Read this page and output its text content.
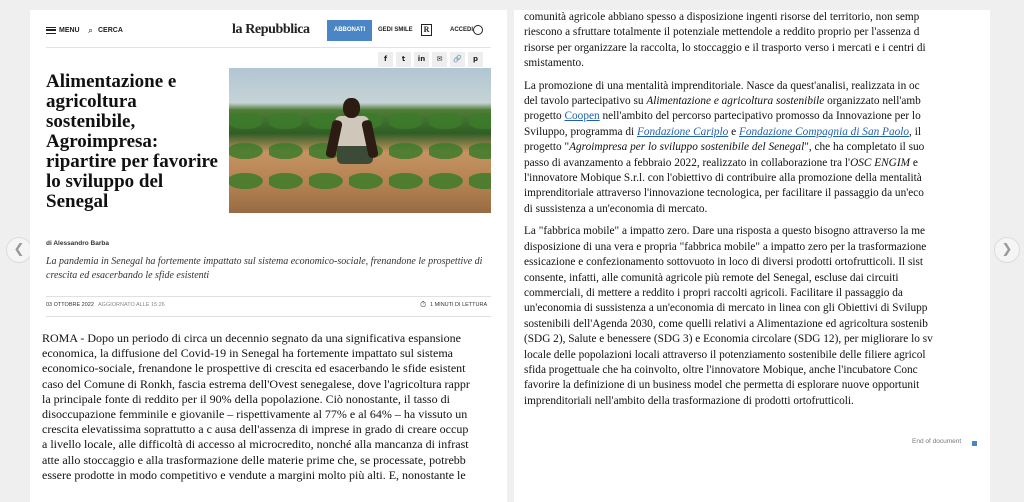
❮
MENU ⌕ CERCA	la Repubblica	ABBONATI	GEDI SMILE	R	ACCEDI
f	t	in	✉	🔗	p
Alimentazione e agricoltura sostenibile, Agroimpresa: ripartire per favorire lo sviluppo del Senegal
di Alessandro Barba

La pandemia in Senegal ha fortemente impattato sul sistema economico-sociale, frenandone le prospettive di crescita ed esacerbando le sfide esistenti

03 OTTOBRE 2022 AGGIORNATO ALLE 15:26	⏱ 1 MINUTI DI LETTURA
ROMA - Dopo un periodo di circa un decennio segnato da una significativa espansione
economica, la diffusione del Covid-19 in Senegal ha fortemente impattato sul sistema
economico-sociale, frenandone le prospettive di crescita ed esacerbando le sfide esistent
caso del Comune di Ronkh, fascia estrema dell'Ovest senegalese, dove l'agricoltura rappr
la principale fonte di reddito per il 90% della popolazione. Ciò nonostante, il tasso di
disoccupazione femminile e giovanile – rispettivamente al 77% e al 64% – ha vissuto un
crescita elevatissima soprattutto a c ausa dell'assenza di imprese in grado di creare occup
a livello locale, alle difficoltà di accesso al microcredito, nonché alla mancanza di infrast
atte allo stoccaggio e alla trasformazione delle materie prime che, se processate, potrebb
essere prodotte in modo competitivo e vendute a margini molto più alti. E, nonostante le
comunità agricole abbiano spesso a disposizione ingenti risorse del territorio, non semp
riescono a sfruttare totalmente il potenziale mettendole a reddito proprio per l'assenza d
risorse per organizzare la raccolta, lo stoccaggio e il trasporto verso i mercati e i centri di
smistamento.
La promozione di una mentalità imprenditoriale. Nasce da quest'analisi, realizzata in oc
del tavolo partecipativo su Alimentazione e agricoltura sostenibile organizzato nell'amb
progetto Coopen nell'ambito del percorso partecipativo promosso da Innovazione per lo
Sviluppo, programma di Fondazione Cariplo e Fondazione Compagnia di San Paolo, il
progetto "Agroimpresa per lo sviluppo sostenibile del Senegal", che ha completato il suo
passo di avanzamento a febbraio 2022, realizzato in collaborazione tra l'OSC ENGIM e
l'innovatore Mobique S.r.l. con l'obiettivo di contribuire alla promozione della mentalità
imprenditoriale attraverso l'innovazione tecnologica, per facilitare il passaggio da un'eco
di sussistenza a un'economia di mercato.
La "fabbrica mobile" a impatto zero. Dare una risposta a questo bisogno attraverso la me
disposizione di una vera e propria "fabbrica mobile" a impatto zero per la trasformazione
essicazione e confezionamento sottovuoto in loco di diversi prodotti ortofrutticoli. Il sist
consente, infatti, alle comunità agricole più remote del Senegal, escluse dai circuiti
commerciali, di mettere a reddito i propri raccolti agricoli. Facilitare il passaggio da
un'economia di sussistenza a un'economia di mercato in linea con gli Obiettivi di Svilupp
sostenibili dell'Agenda 2030, come quelli relativi a Alimentazione ed agricoltura sostenib
(SDG 2), Salute e benessere (SDG 3) e Economia circolare (SDG 12), per migliorare lo sv
locale delle popolazioni locali attraverso il potenziamento sostenibile delle filiere agricol
sfida progettuale che ha coinvolto, oltre l'innovatore Mobique, anche l'incubatore Conc
favorire la definizione di un business model che permetta di esplorare nuove opportunit
imprenditoriali nell'ambito della trasformazione di prodotti ortofrutticoli.
End of document
❯
